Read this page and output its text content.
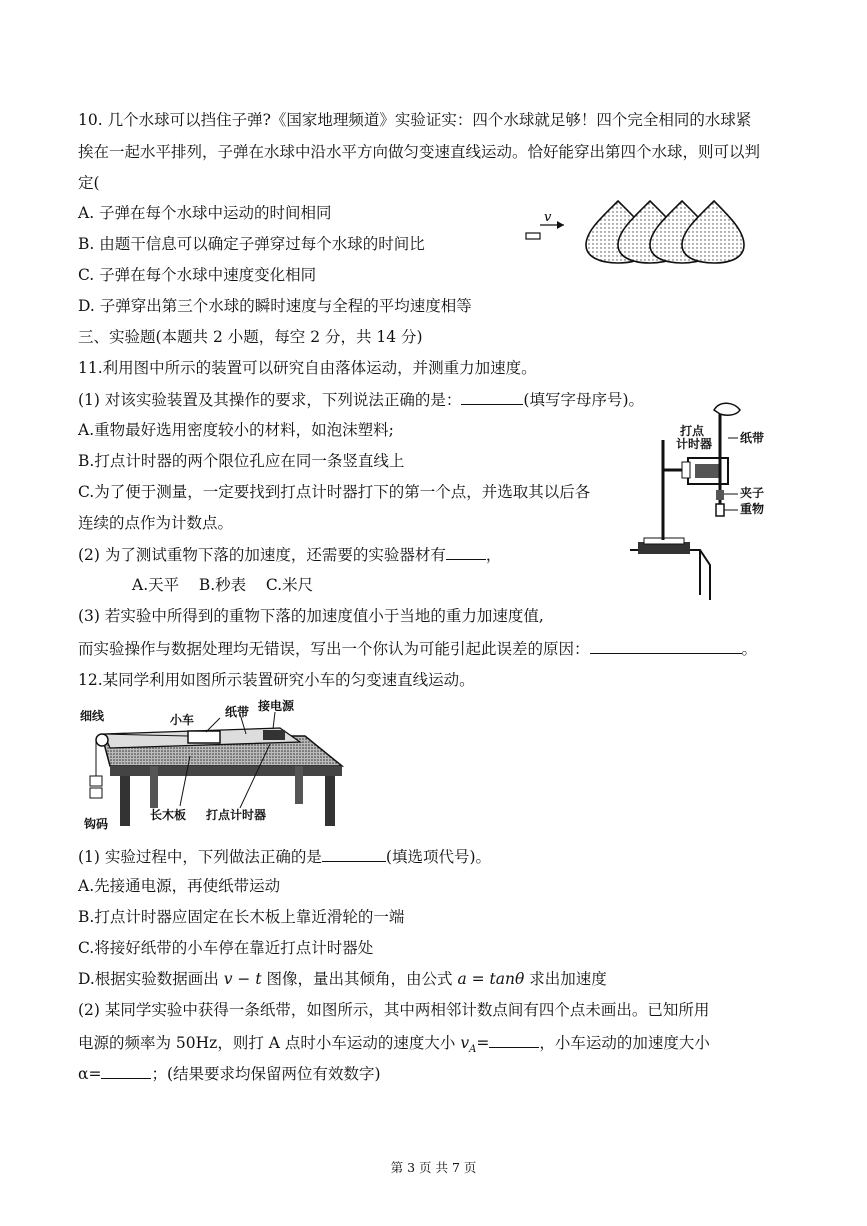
10. 几个水球可以挡住子弹?《国家地理频道》实验证实：四个水球就足够！四个完全相同的水球紧
挨在一起水平排列，子弹在水球中沿水平方向做匀变速直线运动。恰好能穿出第四个水球，则可以判
定(
A. 子弹在每个水球中运动的时间相同
B. 由题干信息可以确定子弹穿过每个水球的时间比
C. 子弹在每个水球中速度变化相同
D. 子弹穿出第三个水球的瞬时速度与全程的平均速度相等
v
三、实验题(本题共 2 小题，每空 2 分，共 14 分)
11.利用图中所示的装置可以研究自由落体运动，并测重力加速度。
(1) 对该实验装置及其操作的要求，下列说法正确的是：	(填写字母序号)。
A.重物最好选用密度较小的材料，如泡沫塑料;
B.打点计时器的两个限位孔应在同一条竖直线上
C.为了便于测量，一定要找到打点计时器打下的第一个点，并选取其以后各
连续的点作为计数点。
(2) 为了测试重物下落的加速度，还需要的实验器材有	，
A.天平    B.秒表    C.米尺
(3) 若实验中所得到的重物下落的加速度值小于当地的重力加速度值,
而实验操作与数据处理均无错误，写出一个你认为可能引起此误差的原因：	。
打点
计时器 纸带
夹子
重物
12.某同学利用如图所示装置研究小车的匀变速直线运动。
细线	小车
纸带 接电源
长木板 打点计时器
钩码
(1) 实验过程中，下列做法正确的是	(填选项代号)。
A.先接通电源，再使纸带运动
B.打点计时器应固定在长木板上靠近滑轮的一端
C.将接好纸带的小车停在靠近打点计时器处
D.根据实验数据画出 v − t 图像，量出其倾角，由公式 a = tanθ 求出加速度
(2) 某同学实验中获得一条纸带，如图所示，其中两相邻计数点间有四个点未画出。已知所用
电源的频率为 50Hz，则打 A 点时小车运动的速度大小 $v_A=$	，小车运动的加速度大小
α=	；(结果要求均保留两位有效数字)
第 3 页 共 7 页
